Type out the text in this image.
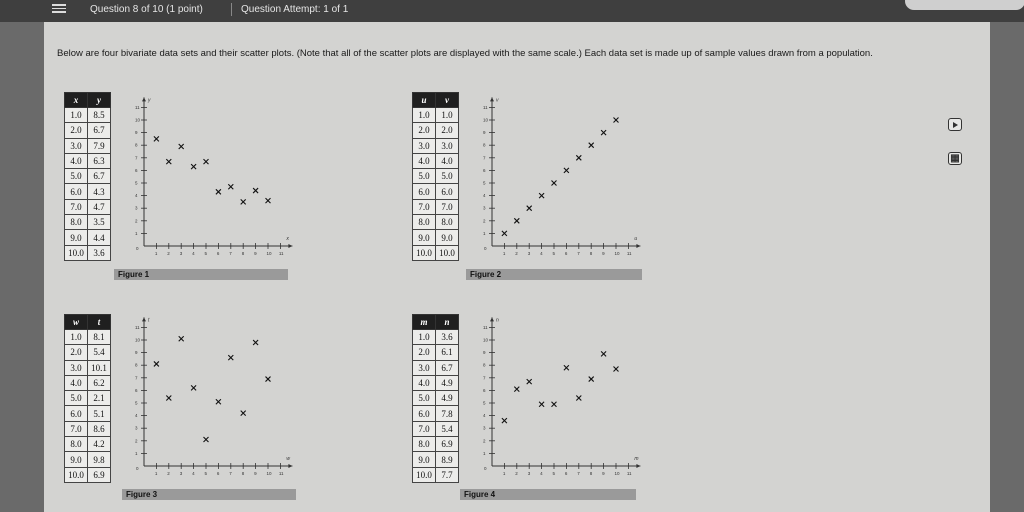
Question 8 of 10 (1 point)	Question Attempt: 1 of 1
Below are four bivariate data sets and their scatter plots. (Note that all of the scatter plots are displayed with the same scale.) Each data set is made up of sample values drawn from a population.
▦
x	y
1.0	8.5
2.0	6.7
3.0	7.9
4.0	6.3
5.0	6.7
6.0	4.3
7.0	4.7
8.0	3.5
9.0	4.4
10.0	3.6
x
y
0
1
1
2
2
3
3
4
4
5
5
6
6
7
7
8
8
9
9
10
10
11
11
Figure 1
u	v
1.0	1.0
2.0	2.0
3.0	3.0
4.0	4.0
5.0	5.0
6.0	6.0
7.0	7.0
8.0	8.0
9.0	9.0
10.0	10.0
u
v
0
1
1
2
2
3
3
4
4
5
5
6
6
7
7
8
8
9
9
10
10
11
11
Figure 2
w	t
1.0	8.1
2.0	5.4
3.0	10.1
4.0	6.2
5.0	2.1
6.0	5.1
7.0	8.6
8.0	4.2
9.0	9.8
10.0	6.9
w
t
0
1
1
2
2
3
3
4
4
5
5
6
6
7
7
8
8
9
9
10
10
11
11
Figure 3
m	n
1.0	3.6
2.0	6.1
3.0	6.7
4.0	4.9
5.0	4.9
6.0	7.8
7.0	5.4
8.0	6.9
9.0	8.9
10.0	7.7
m
n
0
1
1
2
2
3
3
4
4
5
5
6
6
7
7
8
8
9
9
10
10
11
11
Figure 4
